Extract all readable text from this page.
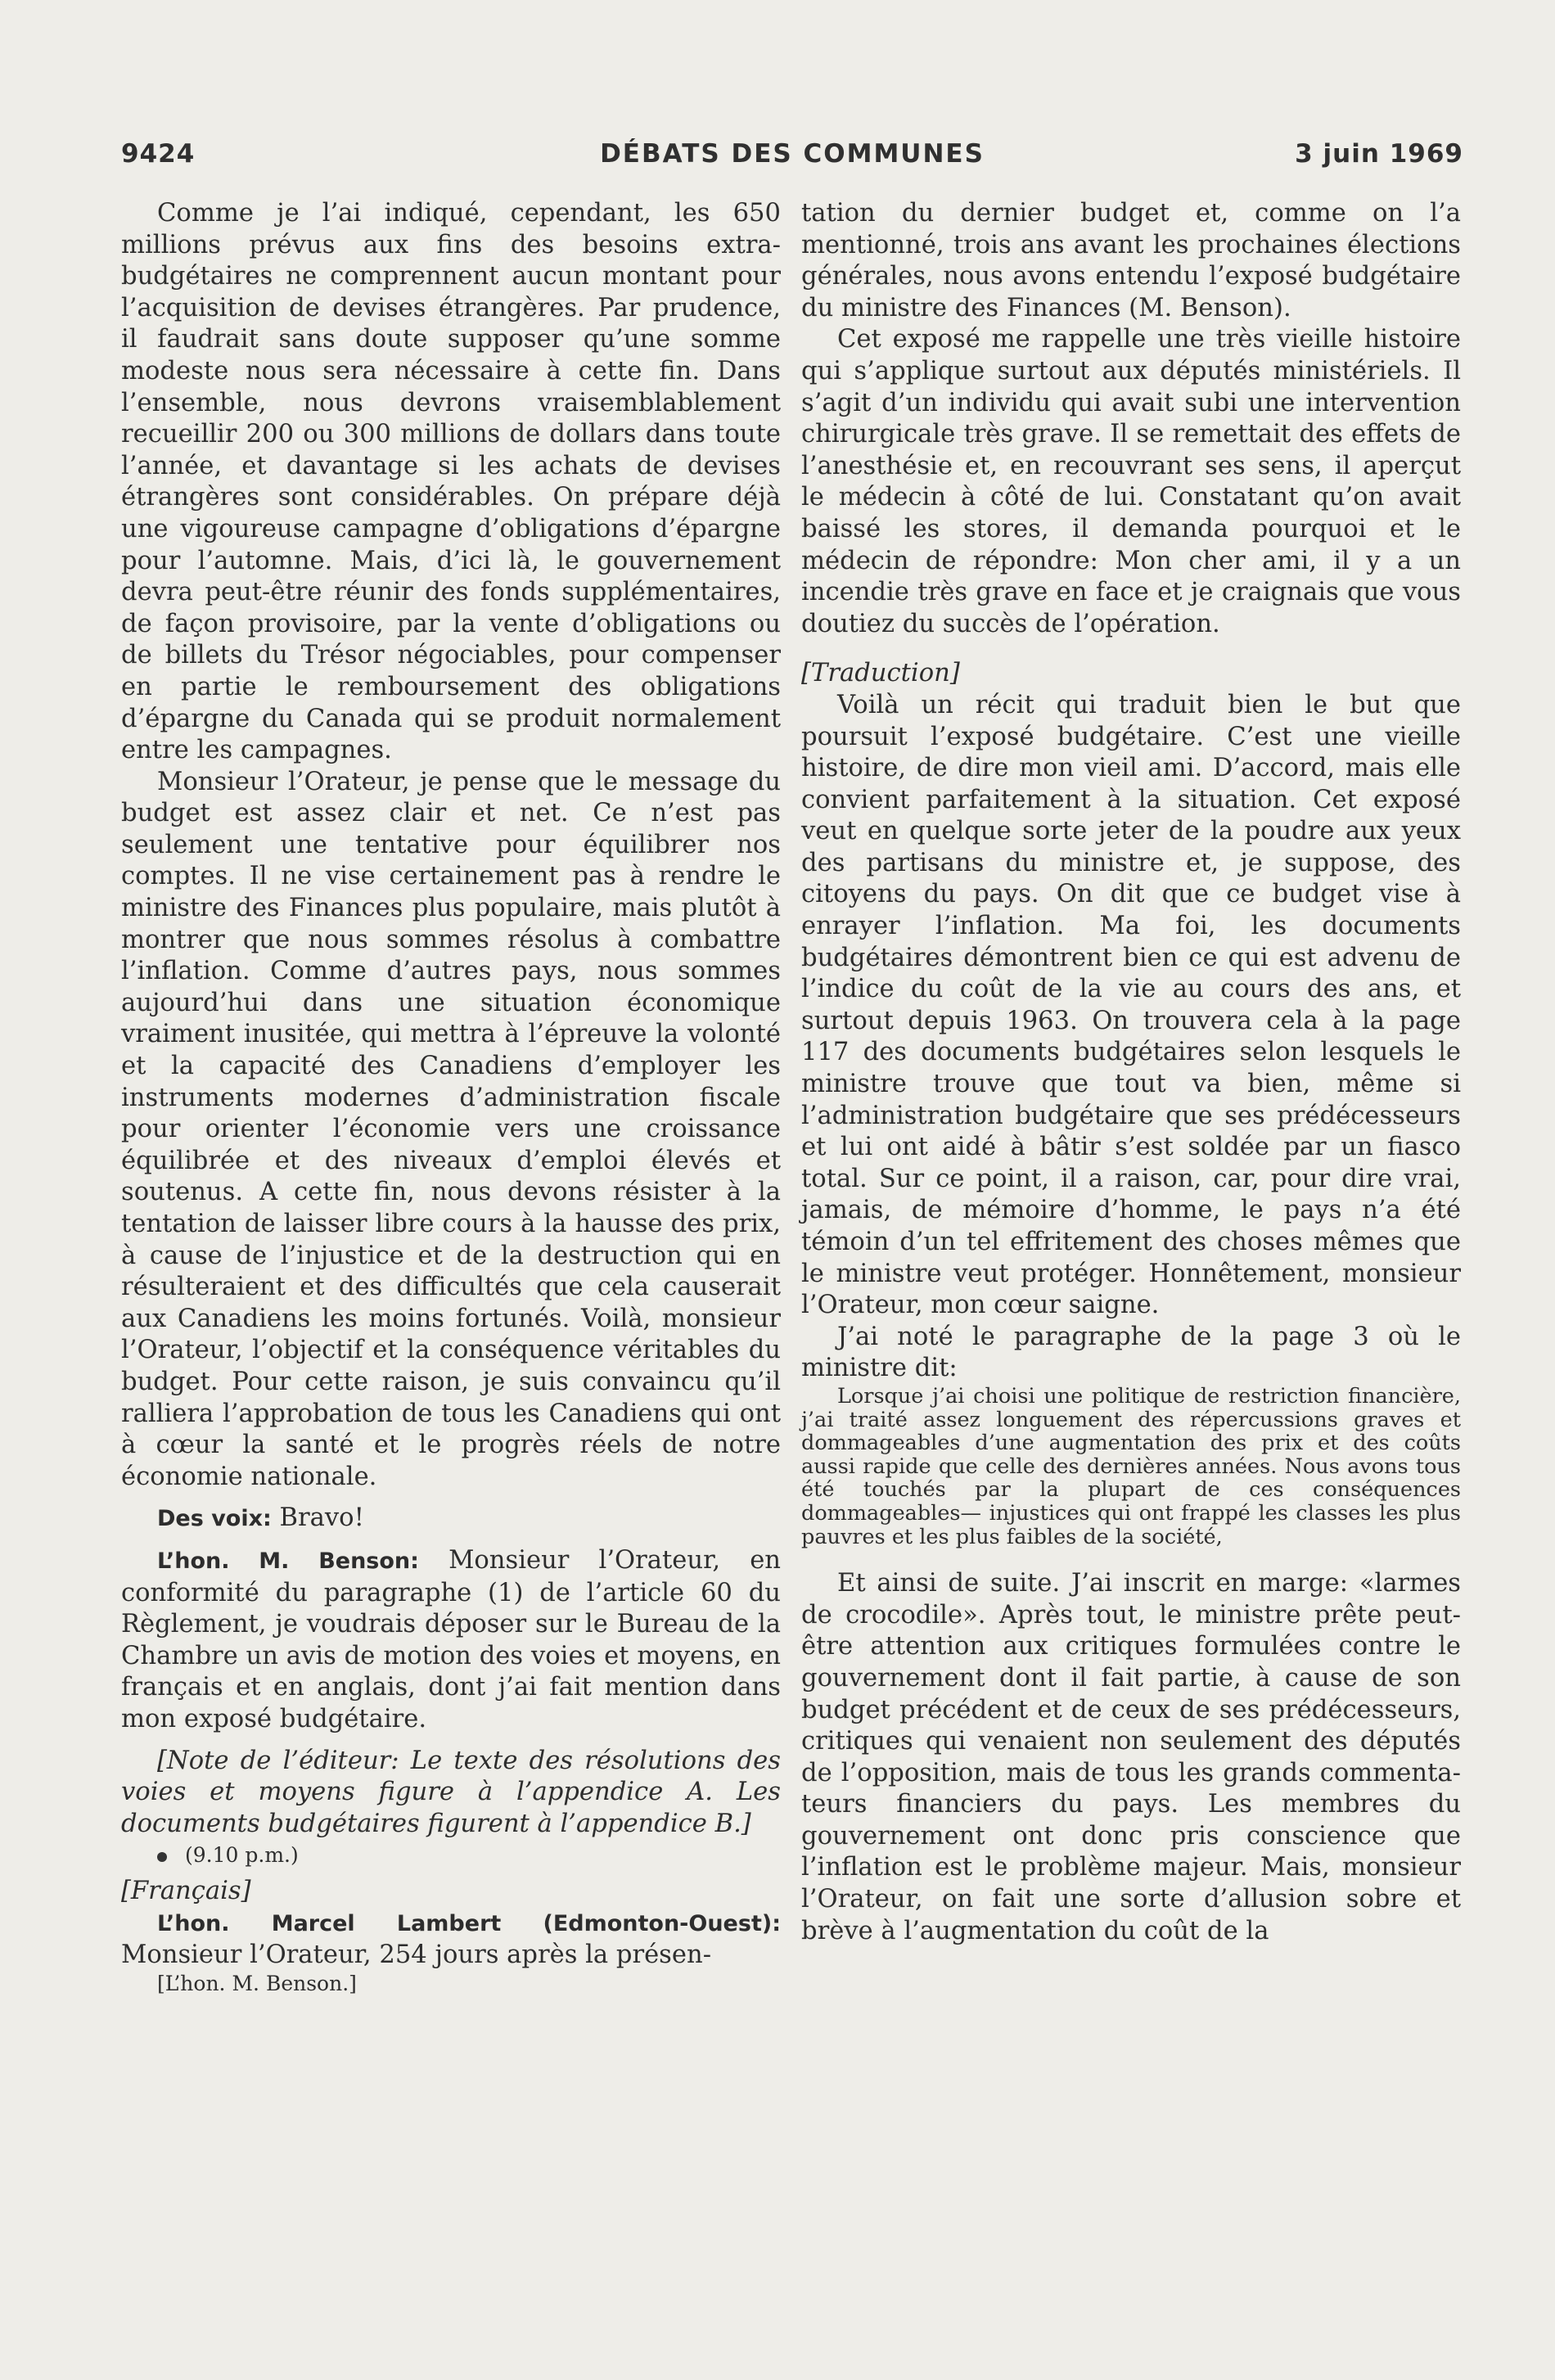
9424	DÉBATS DES COMMUNES	3 juin 1969

Comme je l’ai indiqué, cependant, les 650 millions prévus aux fins des besoins extrabudgétaires ne comprennent aucun montant pour l’acquisition de devises étrangères. Par prudence, il faudrait sans doute supposer qu’une somme modeste nous sera nécessaire à cette fin. Dans l’ensemble, nous devrons vraisemblablement recueillir 200 ou 300 millions de dollars dans toute l’année, et davantage si les achats de devises étrangères sont considérables. On prépare déjà une vigoureuse campagne d’obligations d’épargne pour l’automne. Mais, d’ici là, le gouvernement devra peut-être réunir des fonds supplémentaires, de façon provisoire, par la vente d’obligations ou de billets du Trésor négociables, pour compenser en partie le remboursement des obligations d’épargne du Canada qui se produit normalement entre les campagnes.

Monsieur l’Orateur, je pense que le message du budget est assez clair et net. Ce n’est pas seulement une tentative pour équilibrer nos comptes. Il ne vise certainement pas à rendre le ministre des Finances plus populaire, mais plutôt à montrer que nous sommes résolus à combattre l’inflation. Comme d’autres pays, nous sommes aujourd’hui dans une situation économique vraiment inusitée, qui mettra à l’épreuve la volonté et la capacité des Canadiens d’employer les instruments modernes d’administration fiscale pour orienter l’économie vers une croissance équilibrée et des niveaux d’emploi élevés et soutenus. A cette fin, nous devons résister à la tentation de laisser libre cours à la hausse des prix, à cause de l’injustice et de la destruction qui en résulteraient et des difficultés que cela causerait aux Canadiens les moins fortunés. Voilà, monsieur l’Orateur, l’objectif et la conséquence véritables du budget. Pour cette raison, je suis convaincu qu’il ralliera l’approbation de tous les Canadiens qui ont à cœur la santé et le progrès réels de notre économie nationale.

Des voix: Bravo!

L’hon. M. Benson: Monsieur l’Orateur, en conformité du paragraphe (1) de l’article 60 du Règlement, je voudrais déposer sur le Bureau de la Chambre un avis de motion des voies et moyens, en français et en anglais, dont j’ai fait mention dans mon exposé budgétaire.

[Note de l’éditeur: Le texte des résolutions des voies et moyens figure à l’appendice A. Les documents budgétaires figurent à l’appendice B.]

(9.10 p.m.)

[Français]

L’hon. Marcel Lambert (Edmonton-Ouest): Monsieur l’Orateur, 254 jours après la présen-

[L’hon. M. Benson.]

tation du dernier budget et, comme on l’a mentionné, trois ans avant les prochaines élections générales, nous avons entendu l’exposé budgétaire du ministre des Finances (M. Benson).

Cet exposé me rappelle une très vieille histoire qui s’applique surtout aux députés ministériels. Il s’agit d’un individu qui avait subi une intervention chirurgicale très grave. Il se remettait des effets de l’anesthésie et, en recouvrant ses sens, il aperçut le médecin à côté de lui. Constatant qu’on avait baissé les stores, il demanda pourquoi et le médecin de répondre: Mon cher ami, il y a un incendie très grave en face et je craignais que vous doutiez du succès de l’opération.

[Traduction]

Voilà un récit qui traduit bien le but que poursuit l’exposé budgétaire. C’est une vieille histoire, de dire mon vieil ami. D’accord, mais elle convient parfaitement à la situation. Cet exposé veut en quelque sorte jeter de la poudre aux yeux des partisans du ministre et, je suppose, des citoyens du pays. On dit que ce budget vise à enrayer l’inflation. Ma foi, les documents budgétaires démontrent bien ce qui est advenu de l’indice du coût de la vie au cours des ans, et surtout depuis 1963. On trouvera cela à la page 117 des documents budgétaires selon lesquels le ministre trouve que tout va bien, même si l’administration budgétaire que ses prédécesseurs et lui ont aidé à bâtir s’est soldée par un fiasco total. Sur ce point, il a raison, car, pour dire vrai, jamais, de mémoire d’homme, le pays n’a été témoin d’un tel effritement des choses mêmes que le ministre veut protéger. Honnêtement, monsieur l’Orateur, mon cœur saigne.

J’ai noté le paragraphe de la page 3 où le ministre dit:

Lorsque j’ai choisi une politique de restriction financière, j’ai traité assez longuement des répercussions graves et dommageables d’une augmentation des prix et des coûts aussi rapide que celle des dernières années. Nous avons tous été touchés par la plupart de ces conséquences dommageables— injustices qui ont frappé les classes les plus pauvres et les plus faibles de la société,

Et ainsi de suite. J’ai inscrit en marge: «larmes de crocodile». Après tout, le ministre prête peut-être attention aux critiques formulées contre le gouvernement dont il fait partie, à cause de son budget précédent et de ceux de ses prédécesseurs, critiques qui venaient non seulement des députés de l’opposition, mais de tous les grands commentateurs financiers du pays. Les membres du gouvernement ont donc pris conscience que l’inflation est le problème majeur. Mais, monsieur l’Orateur, on fait une sorte d’allusion sobre et brève à l’augmentation du coût de la
